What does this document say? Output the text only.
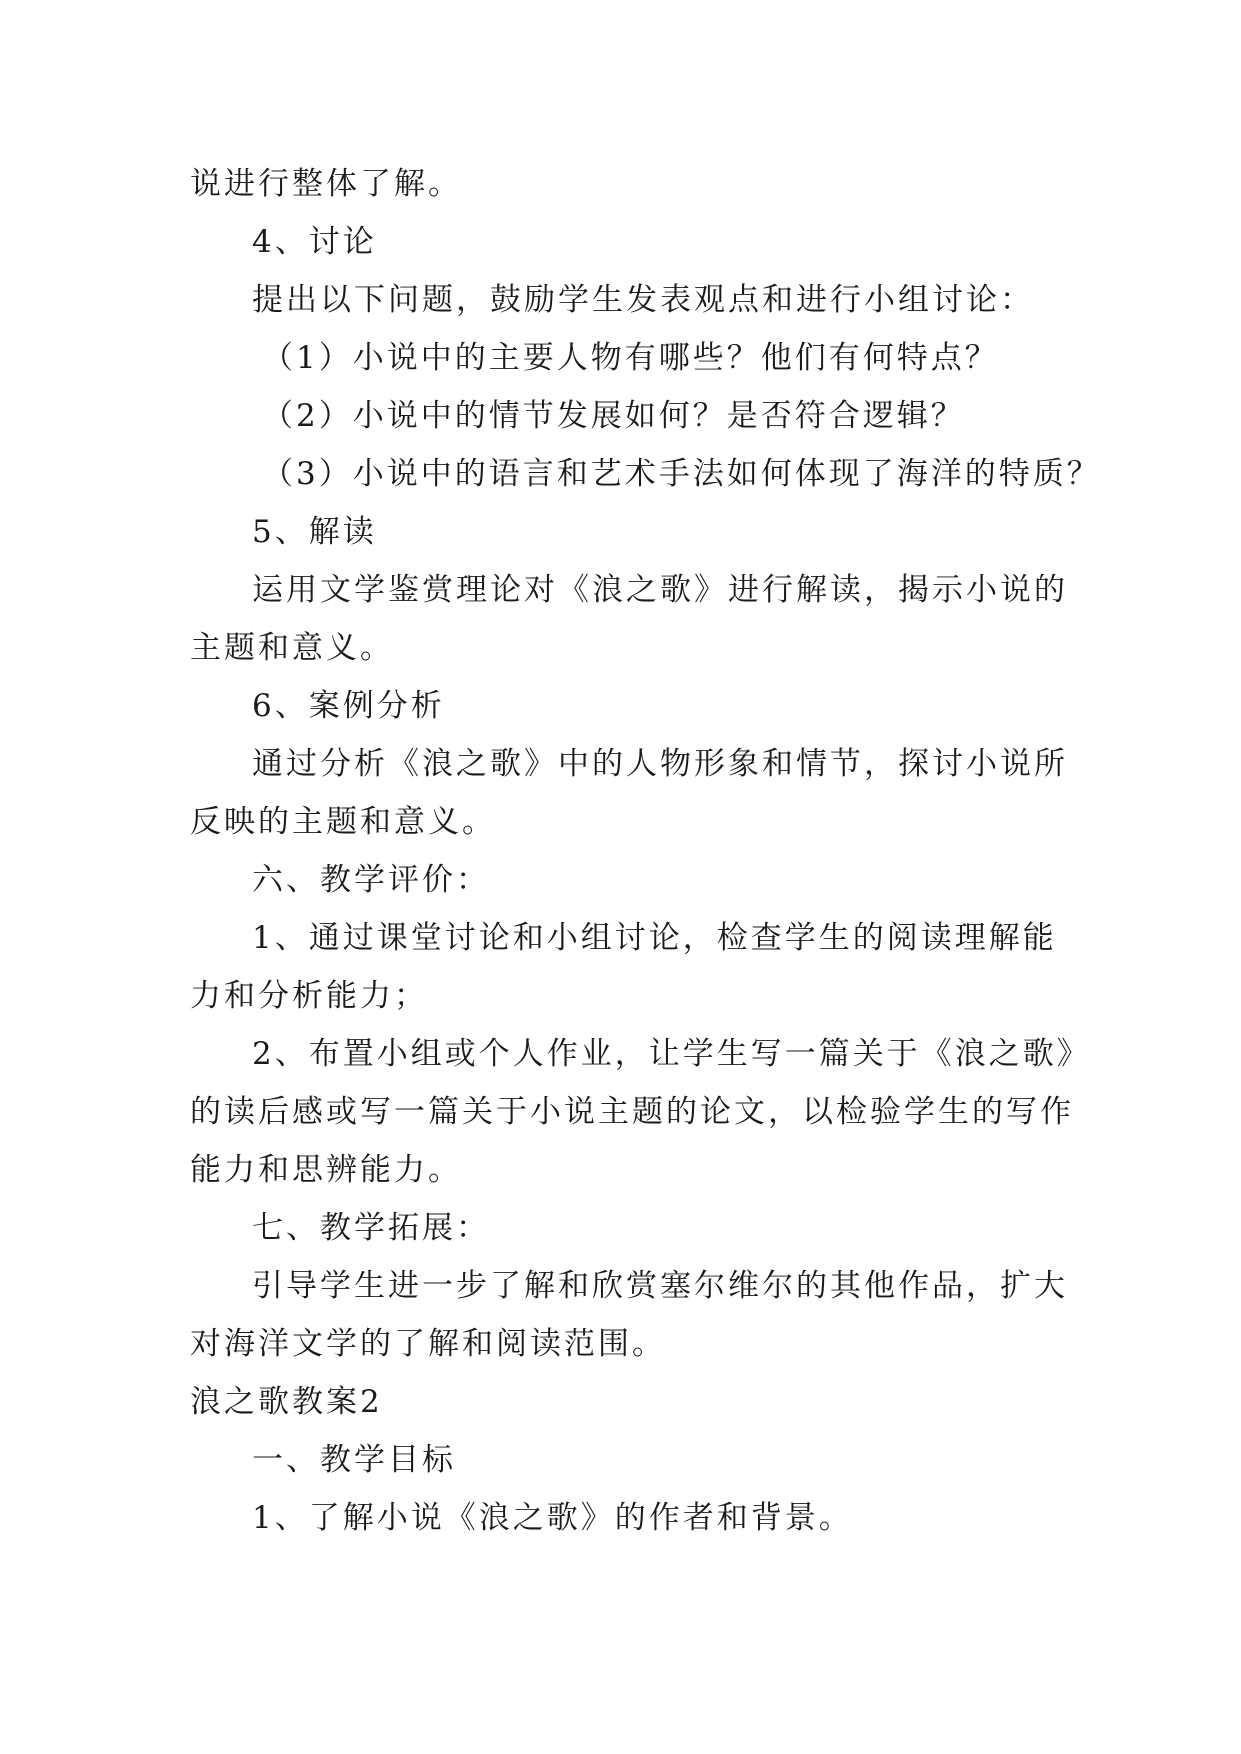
说进行整体了解。
4、讨论
提出以下问题，鼓励学生发表观点和进行小组讨论：
（1）小说中的主要人物有哪些？他们有何特点？
（2）小说中的情节发展如何？是否符合逻辑？
（3）小说中的语言和艺术手法如何体现了海洋的特质？
5、解读
运用文学鉴赏理论对《浪之歌》进行解读，揭示小说的
主题和意义。
6、案例分析
通过分析《浪之歌》中的人物形象和情节，探讨小说所
反映的主题和意义。
六、教学评价：
1、通过课堂讨论和小组讨论，检查学生的阅读理解能
力和分析能力；
2、布置小组或个人作业，让学生写一篇关于《浪之歌》
的读后感或写一篇关于小说主题的论文，以检验学生的写作
能力和思辨能力。
七、教学拓展：
引导学生进一步了解和欣赏塞尔维尔的其他作品，扩大
对海洋文学的了解和阅读范围。
浪之歌教案2
一、教学目标
1、了解小说《浪之歌》的作者和背景。
